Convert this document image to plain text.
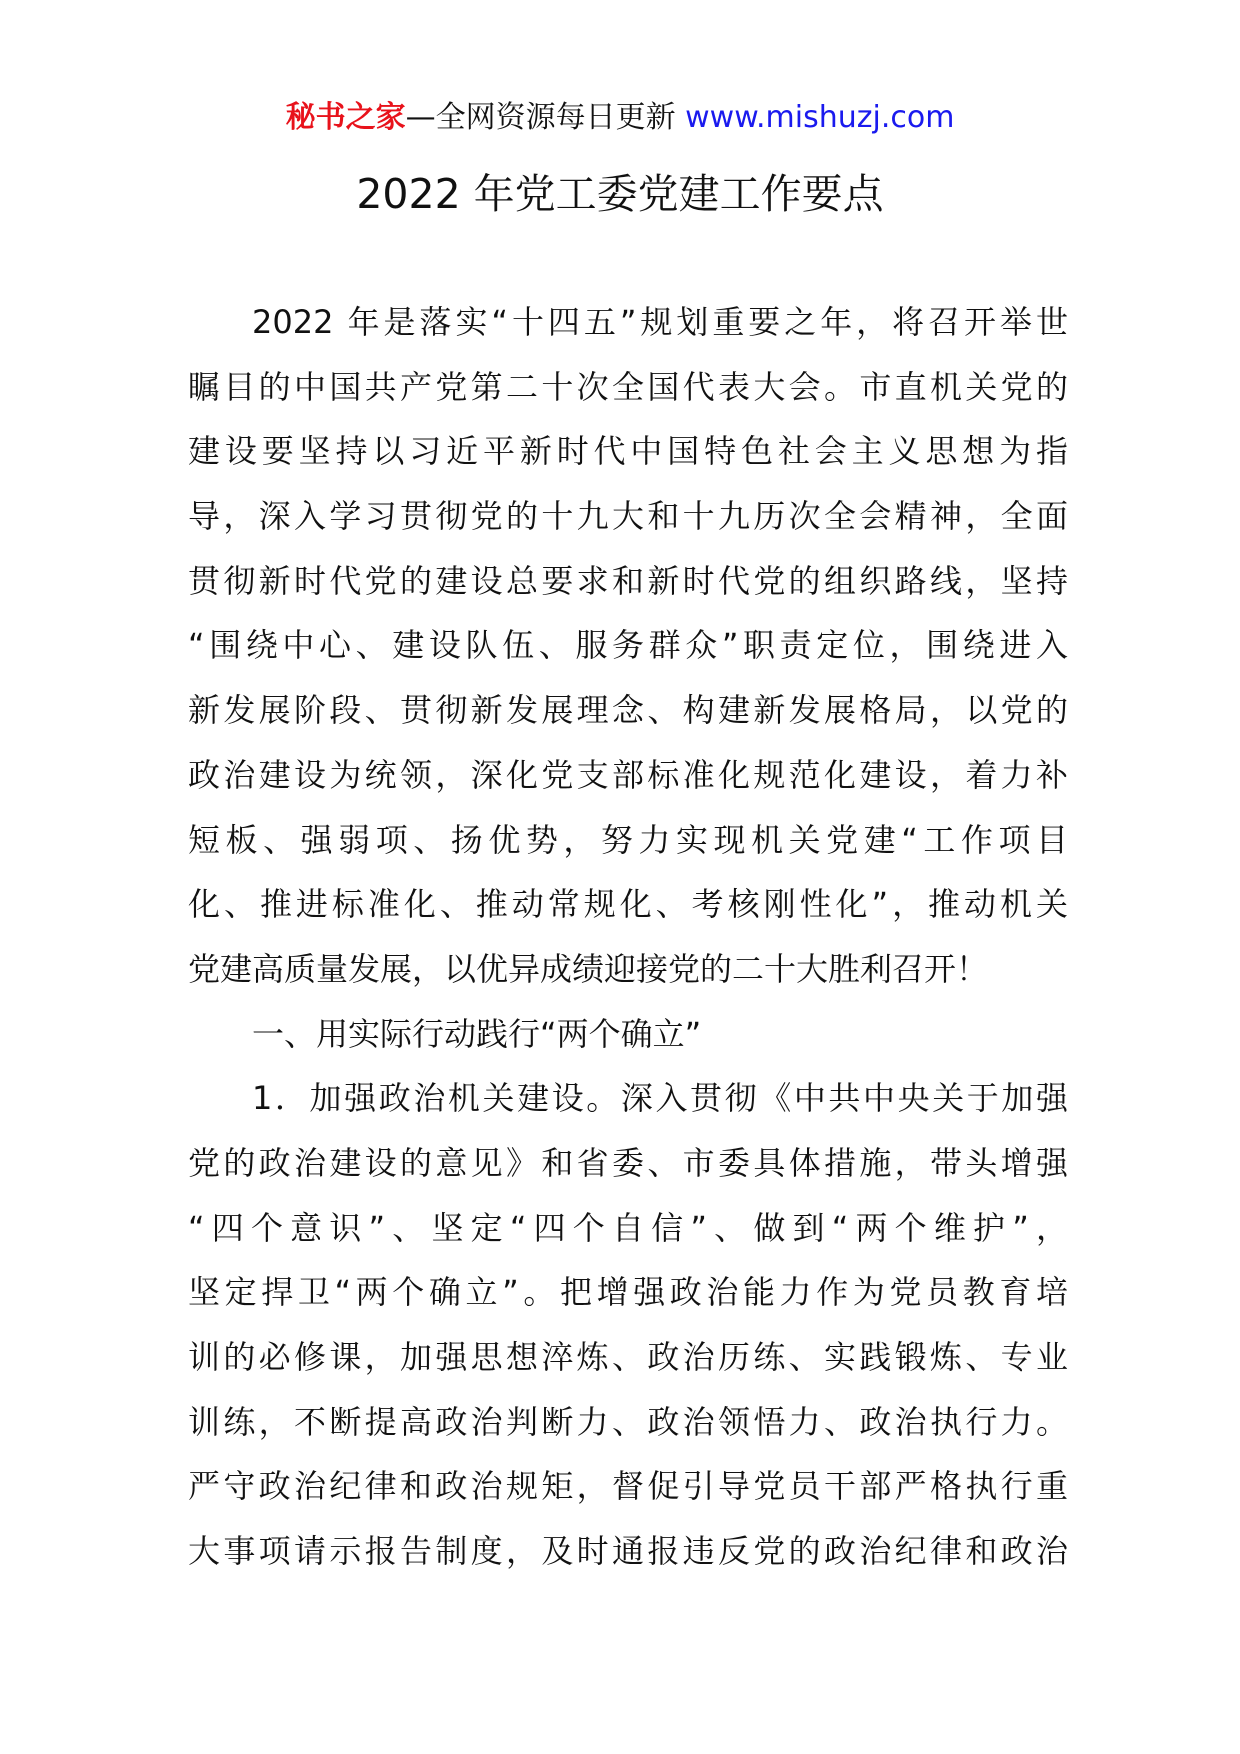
秘书之家—全网资源每日更新 www.mishuzj.com
2022 年党工委党建工作要点
2022 年是落实“十四五”规划重要之年，将召开举世
瞩目的中国共产党第二十次全国代表大会。市直机关党的
建设要坚持以习近平新时代中国特色社会主义思想为指
导，深入学习贯彻党的十九大和十九历次全会精神，全面
贯彻新时代党的建设总要求和新时代党的组织路线，坚持
“围绕中心、建设队伍、服务群众”职责定位，围绕进入
新发展阶段、贯彻新发展理念、构建新发展格局，以党的
政治建设为统领，深化党支部标准化规范化建设，着力补
短板、强弱项、扬优势，努力实现机关党建“工作项目
化、推进标准化、推动常规化、考核刚性化”，推动机关
党建高质量发展，以优异成绩迎接党的二十大胜利召开！
一、用实际行动践行“两个确立”
1．加强政治机关建设。深入贯彻《中共中央关于加强
党的政治建设的意见》和省委、市委具体措施，带头增强
“四个意识”、坚定“四个自信”、做到“两个维护”，
坚定捍卫“两个确立”。把增强政治能力作为党员教育培
训的必修课，加强思想淬炼、政治历练、实践锻炼、专业
训练，不断提高政治判断力、政治领悟力、政治执行力。
严守政治纪律和政治规矩，督促引导党员干部严格执行重
大事项请示报告制度，及时通报违反党的政治纪律和政治
